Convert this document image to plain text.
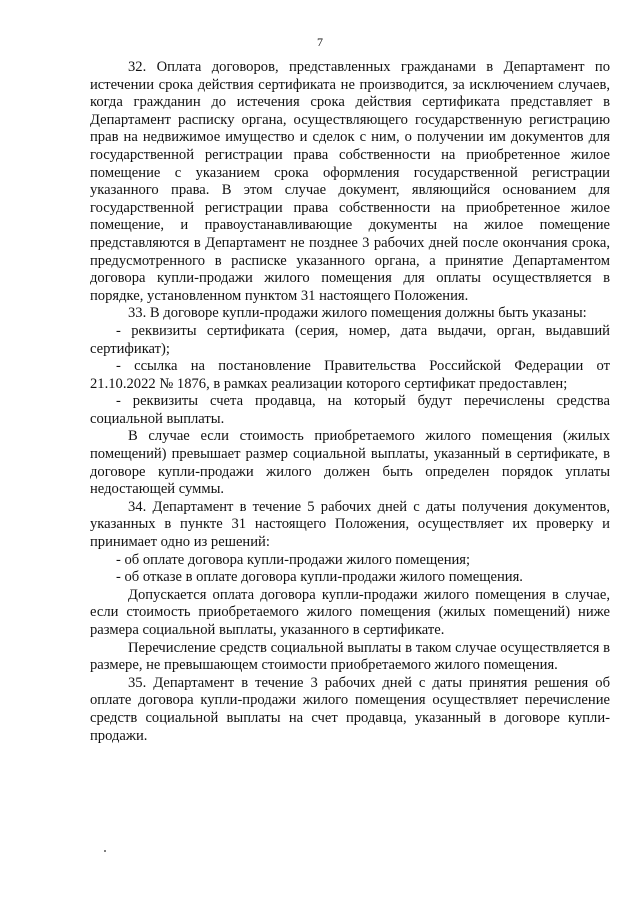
7

32. Оплата договоров, представленных гражданами в Департамент по истечении срока действия сертификата не производится, за исключением случаев, когда гражданин до истечения срока действия сертификата представляет в Департамент расписку органа, осуществляющего государственную регистрацию прав на недвижимое имущество и сделок с ним, о получении им документов для государственной регистрации права собственности на приобретенное жилое помещение с указанием срока оформления государственной регистрации указанного права. В этом случае документ, являющийся основанием для государственной регистрации права собственности на приобретенное жилое помещение, и правоустанавливающие документы на жилое помещение представляются в Департамент не позднее 3 рабочих дней после окончания срока, предусмотренного в расписке указанного органа, а принятие Департаментом договора купли-продажи жилого помещения для оплаты осуществляется в порядке, установленном пунктом 31 настоящего Положения.

33. В договоре купли-продажи жилого помещения должны быть указаны:

- реквизиты сертификата (серия, номер, дата выдачи, орган, выдавший сертификат);

- ссылка на постановление Правительства Российской Федерации от 21.10.2022 № 1876, в рамках реализации которого сертификат предоставлен;

- реквизиты счета продавца, на который будут перечислены средства социальной выплаты.

В случае если стоимость приобретаемого жилого помещения (жилых помещений) превышает размер социальной выплаты, указанный в сертификате, в договоре купли-продажи жилого должен быть определен порядок уплаты недостающей суммы.

34. Департамент в течение 5 рабочих дней с даты получения документов, указанных в пункте 31 настоящего Положения, осуществляет их проверку и принимает одно из решений:

- об оплате договора купли-продажи жилого помещения;

- об отказе в оплате договора купли-продажи жилого помещения.

Допускается оплата договора купли-продажи жилого помещения в случае, если стоимость приобретаемого жилого помещения (жилых помещений) ниже размера социальной выплаты, указанного в сертификате.

Перечисление средств социальной выплаты в таком случае осуществляется в размере, не превышающем стоимости приобретаемого жилого помещения.

35. Департамент в течение 3 рабочих дней с даты принятия решения об оплате договора купли-продажи жилого помещения осуществляет перечисление средств социальной выплаты на счет продавца, указанный в договоре купли-продажи.
